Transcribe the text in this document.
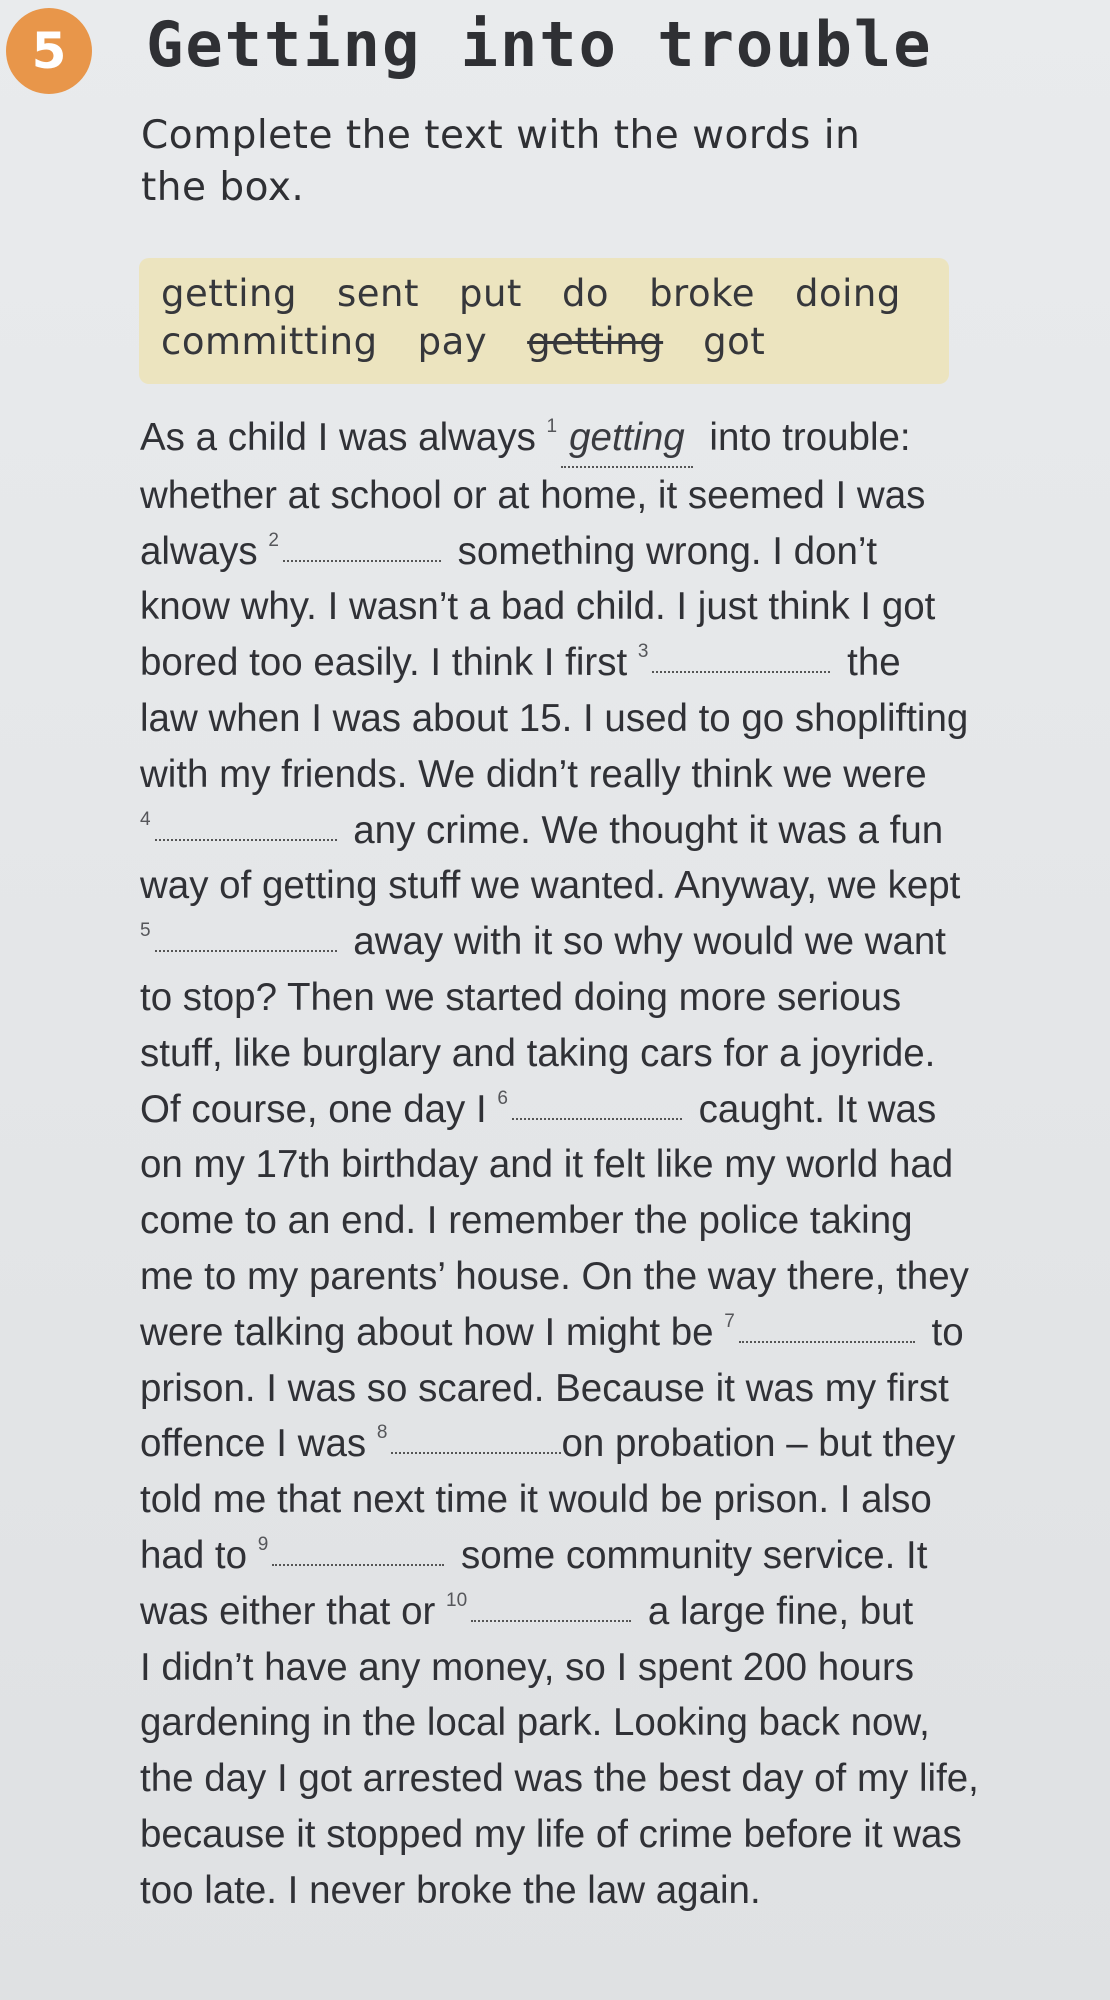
5 Getting into trouble

Complete the text with the words in the box.

getting sent put do broke doing
committing pay getting got
As a child I was always $^1$ getting into trouble:
whether at school or at home, it seemed I was
always $^2$	something wrong. I don’t
know why. I wasn’t a bad child. I just think I got
bored too easily. I think I first $^3$	the
law when I was about 15. I used to go shoplifting
with my friends. We didn’t really think we were
$^4$	any crime. We thought it was a fun
way of getting stuff we wanted. Anyway, we kept
$^5$	away with it so why would we want
to stop? Then we started doing more serious
stuff, like burglary and taking cars for a joyride.
Of course, one day I $^6$	caught. It was
on my 17th birthday and it felt like my world had
come to an end. I remember the police taking
me to my parents’ house. On the way there, they
were talking about how I might be $^7$	to
prison. I was so scared. Because it was my first
offence I was $^8$	on probation – but they
told me that next time it would be prison. I also
had to $^9$	some community service. It
was either that or $^{10}$	a large fine, but
I didn’t have any money, so I spent 200 hours
gardening in the local park. Looking back now,
the day I got arrested was the best day of my life,
because it stopped my life of crime before it was
too late. I never broke the law again.
